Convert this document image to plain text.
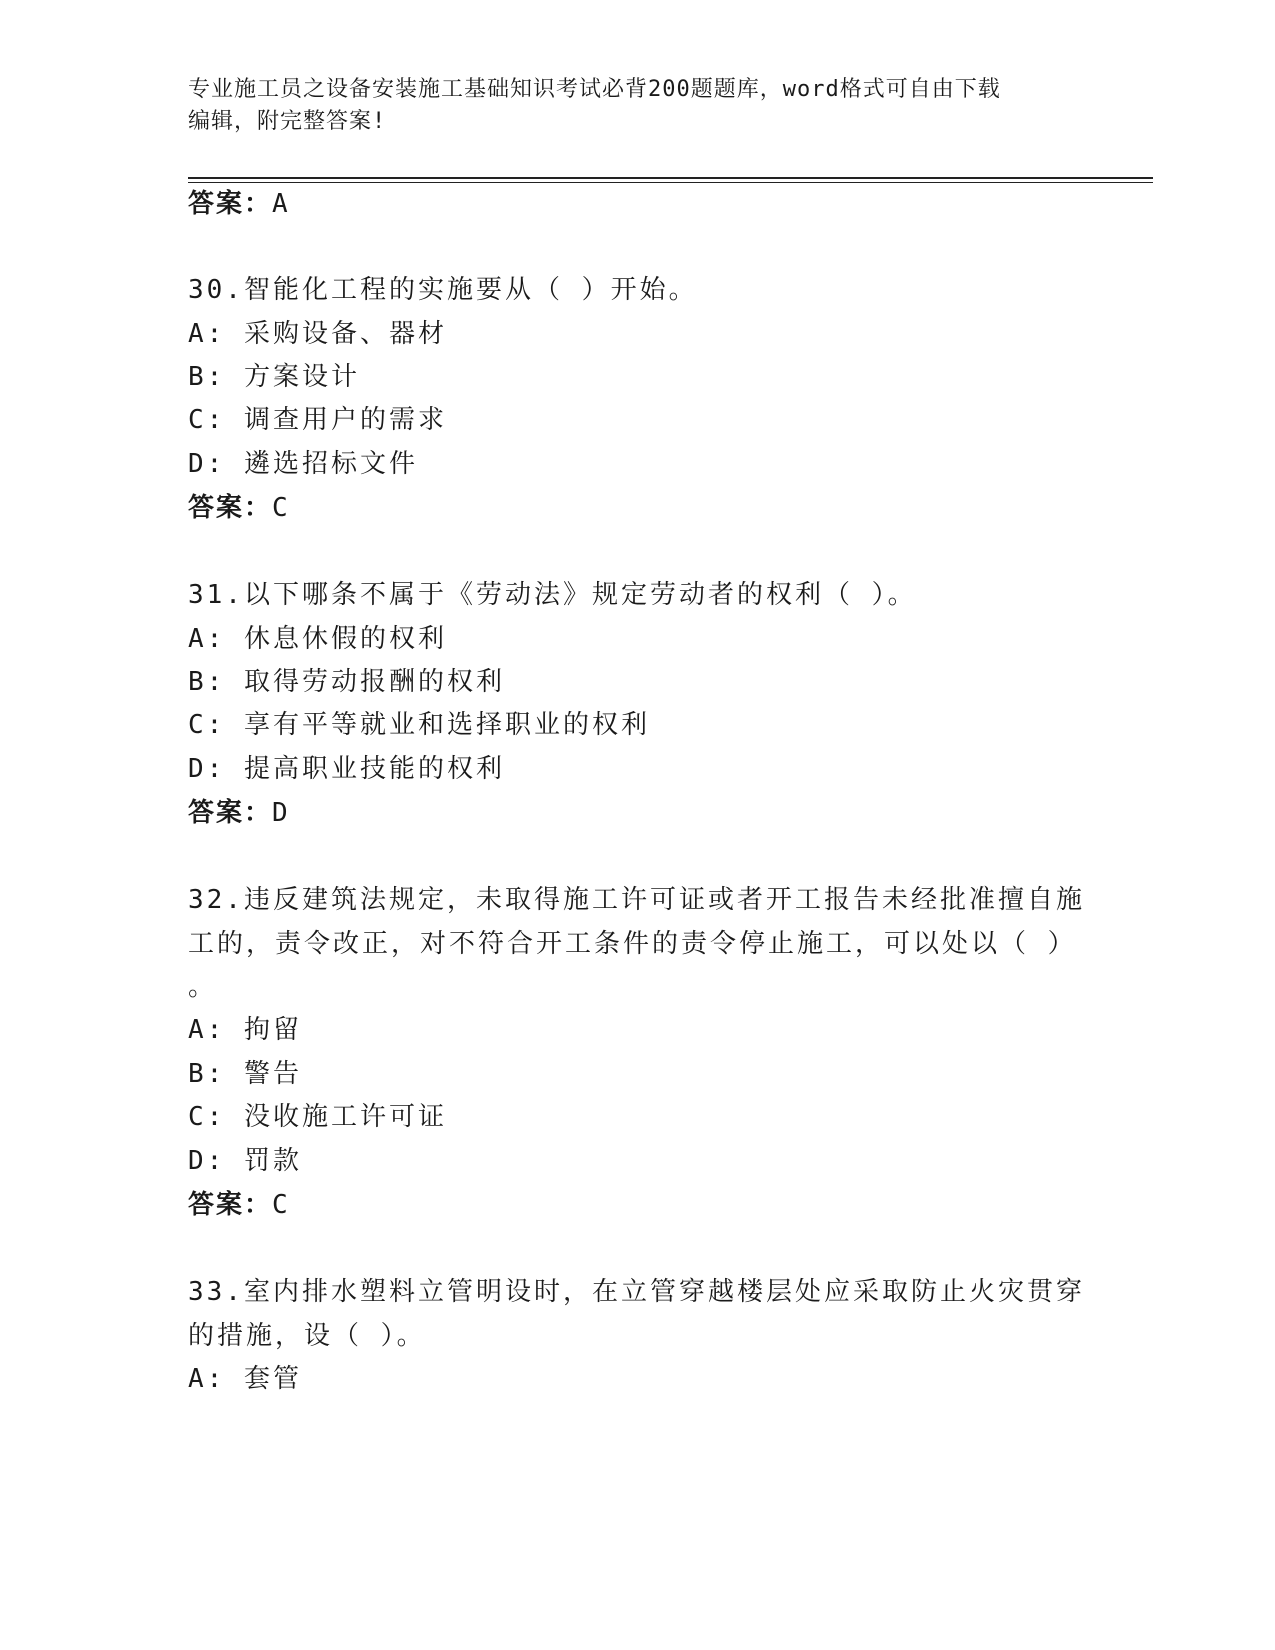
专业施工员之设备安装施工基础知识考试必背200题题库，word格式可自由下载
编辑，附完整答案!
答案：A
30.智能化工程的实施要从（ ）开始。
A: 采购设备、器材
B: 方案设计
C: 调查用户的需求
D: 遴选招标文件
答案：C
31.以下哪条不属于《劳动法》规定劳动者的权利（ ）。
A: 休息休假的权利
B: 取得劳动报酬的权利
C: 享有平等就业和选择职业的权利
D: 提高职业技能的权利
答案：D
32.违反建筑法规定，未取得施工许可证或者开工报告未经批准擅自施
工的，责令改正，对不符合开工条件的责令停止施工，可以处以（ ）
。
A: 拘留
B: 警告
C: 没收施工许可证
D: 罚款
答案：C
33.室内排水塑料立管明设时，在立管穿越楼层处应采取防止火灾贯穿
的措施，设（ ）。
A: 套管
